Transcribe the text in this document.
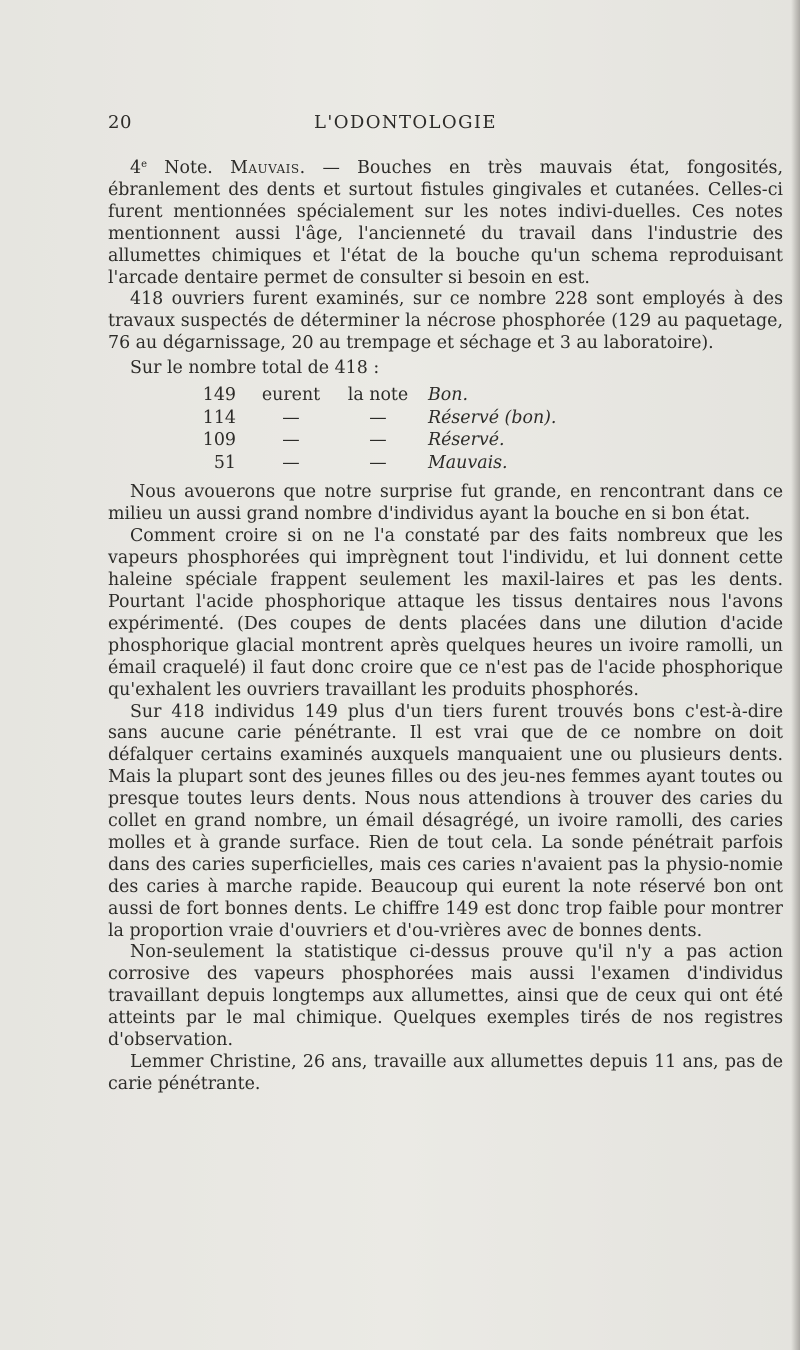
20	L'ODONTOLOGIE

4e Note. Mauvais. — Bouches en très mauvais état, fongosités, ébranlement des dents et surtout fistules gingivales et cutanées. Celles-ci furent mentionnées spécialement sur les notes indivi-duelles. Ces notes mentionnent aussi l'âge, l'ancienneté du travail dans l'industrie des allumettes chimiques et l'état de la bouche qu'un schema reproduisant l'arcade dentaire permet de consulter si besoin en est.

418 ouvriers furent examinés, sur ce nombre 228 sont employés à des travaux suspectés de déterminer la nécrose phosphorée (129 au paquetage, 76 au dégarnissage, 20 au trempage et séchage et 3 au laboratoire).

Sur le nombre total de 418 :

149	eurent	la note	Bon.
114	—	—	Réservé (bon).
109	—	—	Réservé.
51	—	—	Mauvais.

Nous avouerons que notre surprise fut grande, en rencontrant dans ce milieu un aussi grand nombre d'individus ayant la bouche en si bon état.

Comment croire si on ne l'a constaté par des faits nombreux que les vapeurs phosphorées qui imprègnent tout l'individu, et lui donnent cette haleine spéciale frappent seulement les maxil-laires et pas les dents. Pourtant l'acide phosphorique attaque les tissus dentaires nous l'avons expérimenté. (Des coupes de dents placées dans une dilution d'acide phosphorique glacial montrent après quelques heures un ivoire ramolli, un émail craquelé) il faut donc croire que ce n'est pas de l'acide phosphorique qu'exhalent les ouvriers travaillant les produits phosphorés.

Sur 418 individus 149 plus d'un tiers furent trouvés bons c'est-à-dire sans aucune carie pénétrante. Il est vrai que de ce nombre on doit défalquer certains examinés auxquels manquaient une ou plusieurs dents. Mais la plupart sont des jeunes filles ou des jeu-nes femmes ayant toutes ou presque toutes leurs dents. Nous nous attendions à trouver des caries du collet en grand nombre, un émail désagrégé, un ivoire ramolli, des caries molles et à grande surface. Rien de tout cela. La sonde pénétrait parfois dans des caries superficielles, mais ces caries n'avaient pas la physio-nomie des caries à marche rapide. Beaucoup qui eurent la note réservé bon ont aussi de fort bonnes dents. Le chiffre 149 est donc trop faible pour montrer la proportion vraie d'ouvriers et d'ou-vrières avec de bonnes dents.

Non-seulement la statistique ci-dessus prouve qu'il n'y a pas action corrosive des vapeurs phosphorées mais aussi l'examen d'individus travaillant depuis longtemps aux allumettes, ainsi que de ceux qui ont été atteints par le mal chimique. Quelques exemples tirés de nos registres d'observation.

Lemmer Christine, 26 ans, travaille aux allumettes depuis 11 ans, pas de carie pénétrante.
